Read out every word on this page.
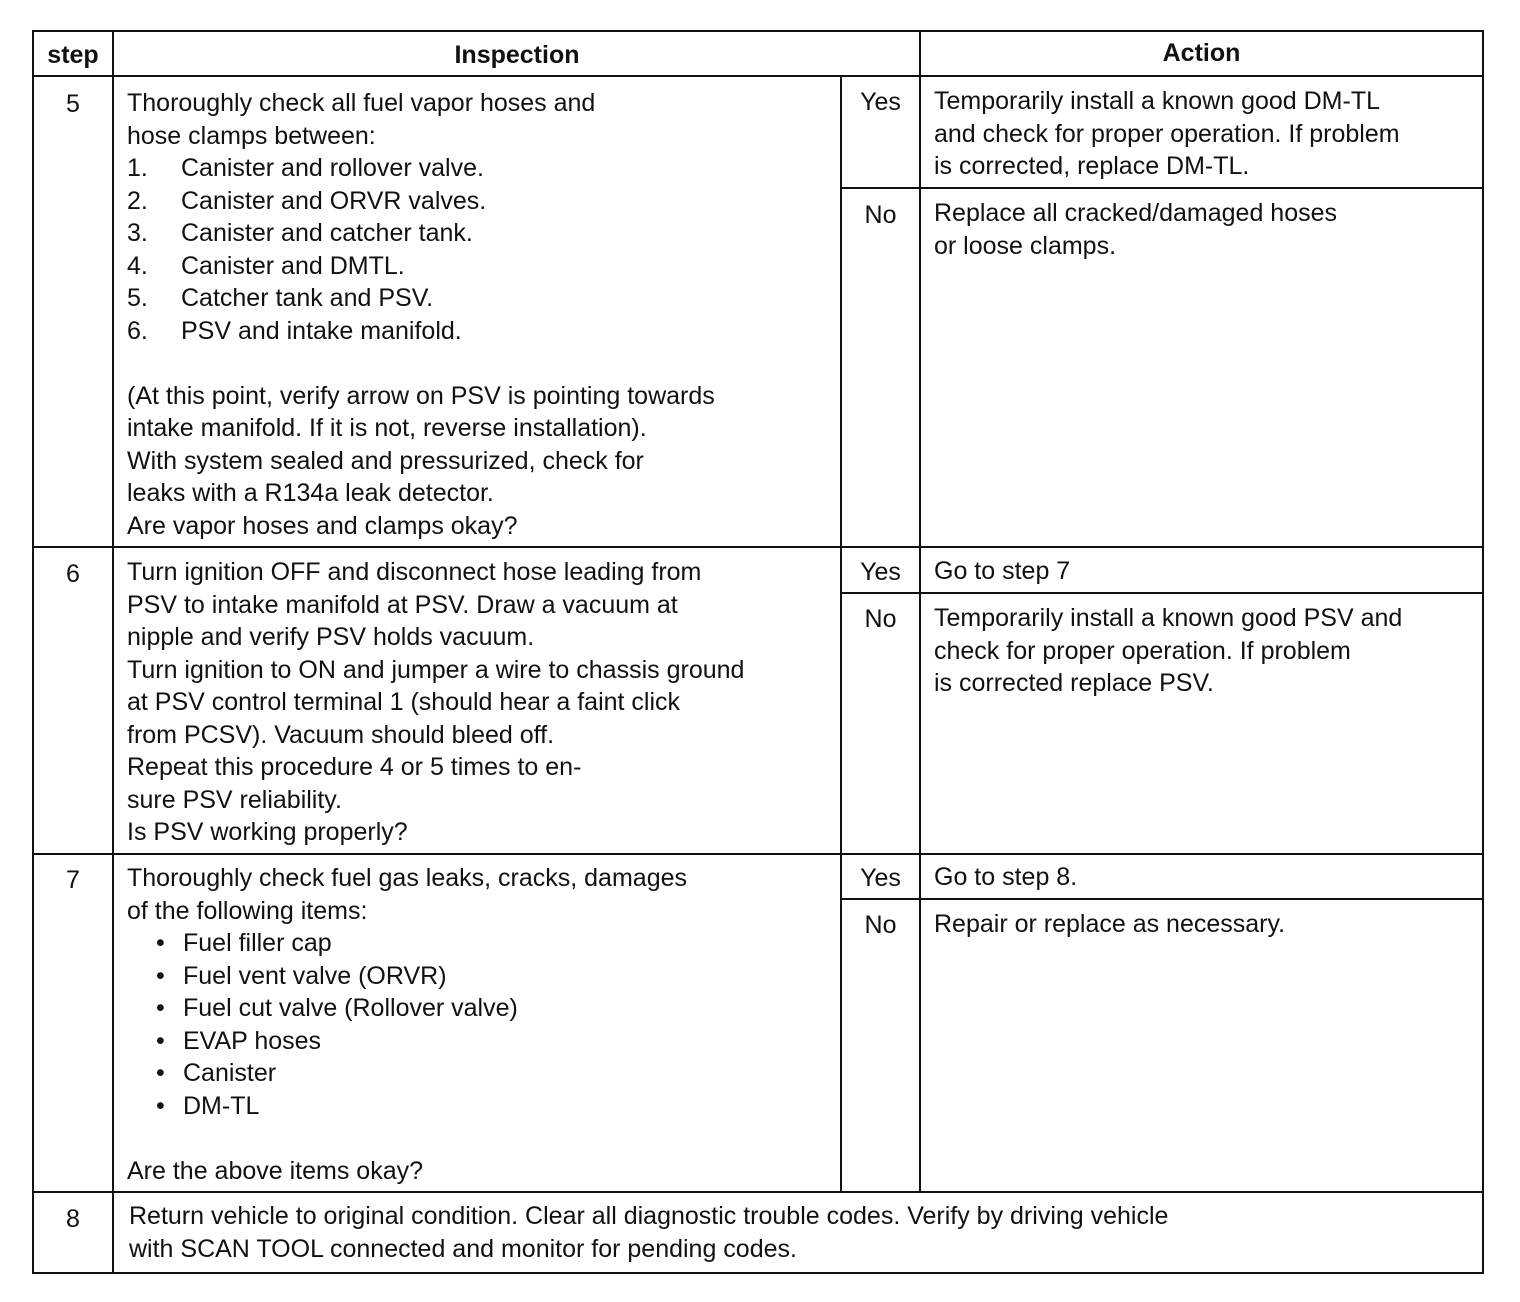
step	Inspection	Action
5	Thoroughly check all fuel vapor hoses and
hose clamps between:
1. Canister and rollover valve.
2. Canister and ORVR valves.
3. Canister and catcher tank.
4. Canister and DMTL.
5. Catcher tank and PSV.
6. PSV and intake manifold.
(At this point, verify arrow on PSV is pointing towards
intake manifold. If it is not, reverse installation).
With system sealed and pressurized, check for
leaks with a R134a leak detector.
Are vapor hoses and clamps okay?
Yes	Temporarily install a known good DM-TL
and check for proper operation. If problem
is corrected, replace DM-TL.
No	Replace all cracked/damaged hoses
or loose clamps.
6	Turn ignition OFF and disconnect hose leading from
PSV to intake manifold at PSV. Draw a vacuum at
nipple and verify PSV holds vacuum.
Turn ignition to ON and jumper a wire to chassis ground
at PSV control terminal 1 (should hear a faint click
from PCSV). Vacuum should bleed off.
Repeat this procedure 4 or 5 times to en-
sure PSV reliability.
Is PSV working properly?
Yes	Go to step 7
No	Temporarily install a known good PSV and
check for proper operation. If problem
is corrected replace PSV.
7	Thoroughly check fuel gas leaks, cracks, damages
of the following items:
• Fuel filler cap
• Fuel vent valve (ORVR)
• Fuel cut valve (Rollover valve)
• EVAP hoses
• Canister
• DM-TL
Are the above items okay?
Yes	Go to step 8.
No	Repair or replace as necessary.
8	Return vehicle to original condition. Clear all diagnostic trouble codes. Verify by driving vehicle
with SCAN TOOL connected and monitor for pending codes.
